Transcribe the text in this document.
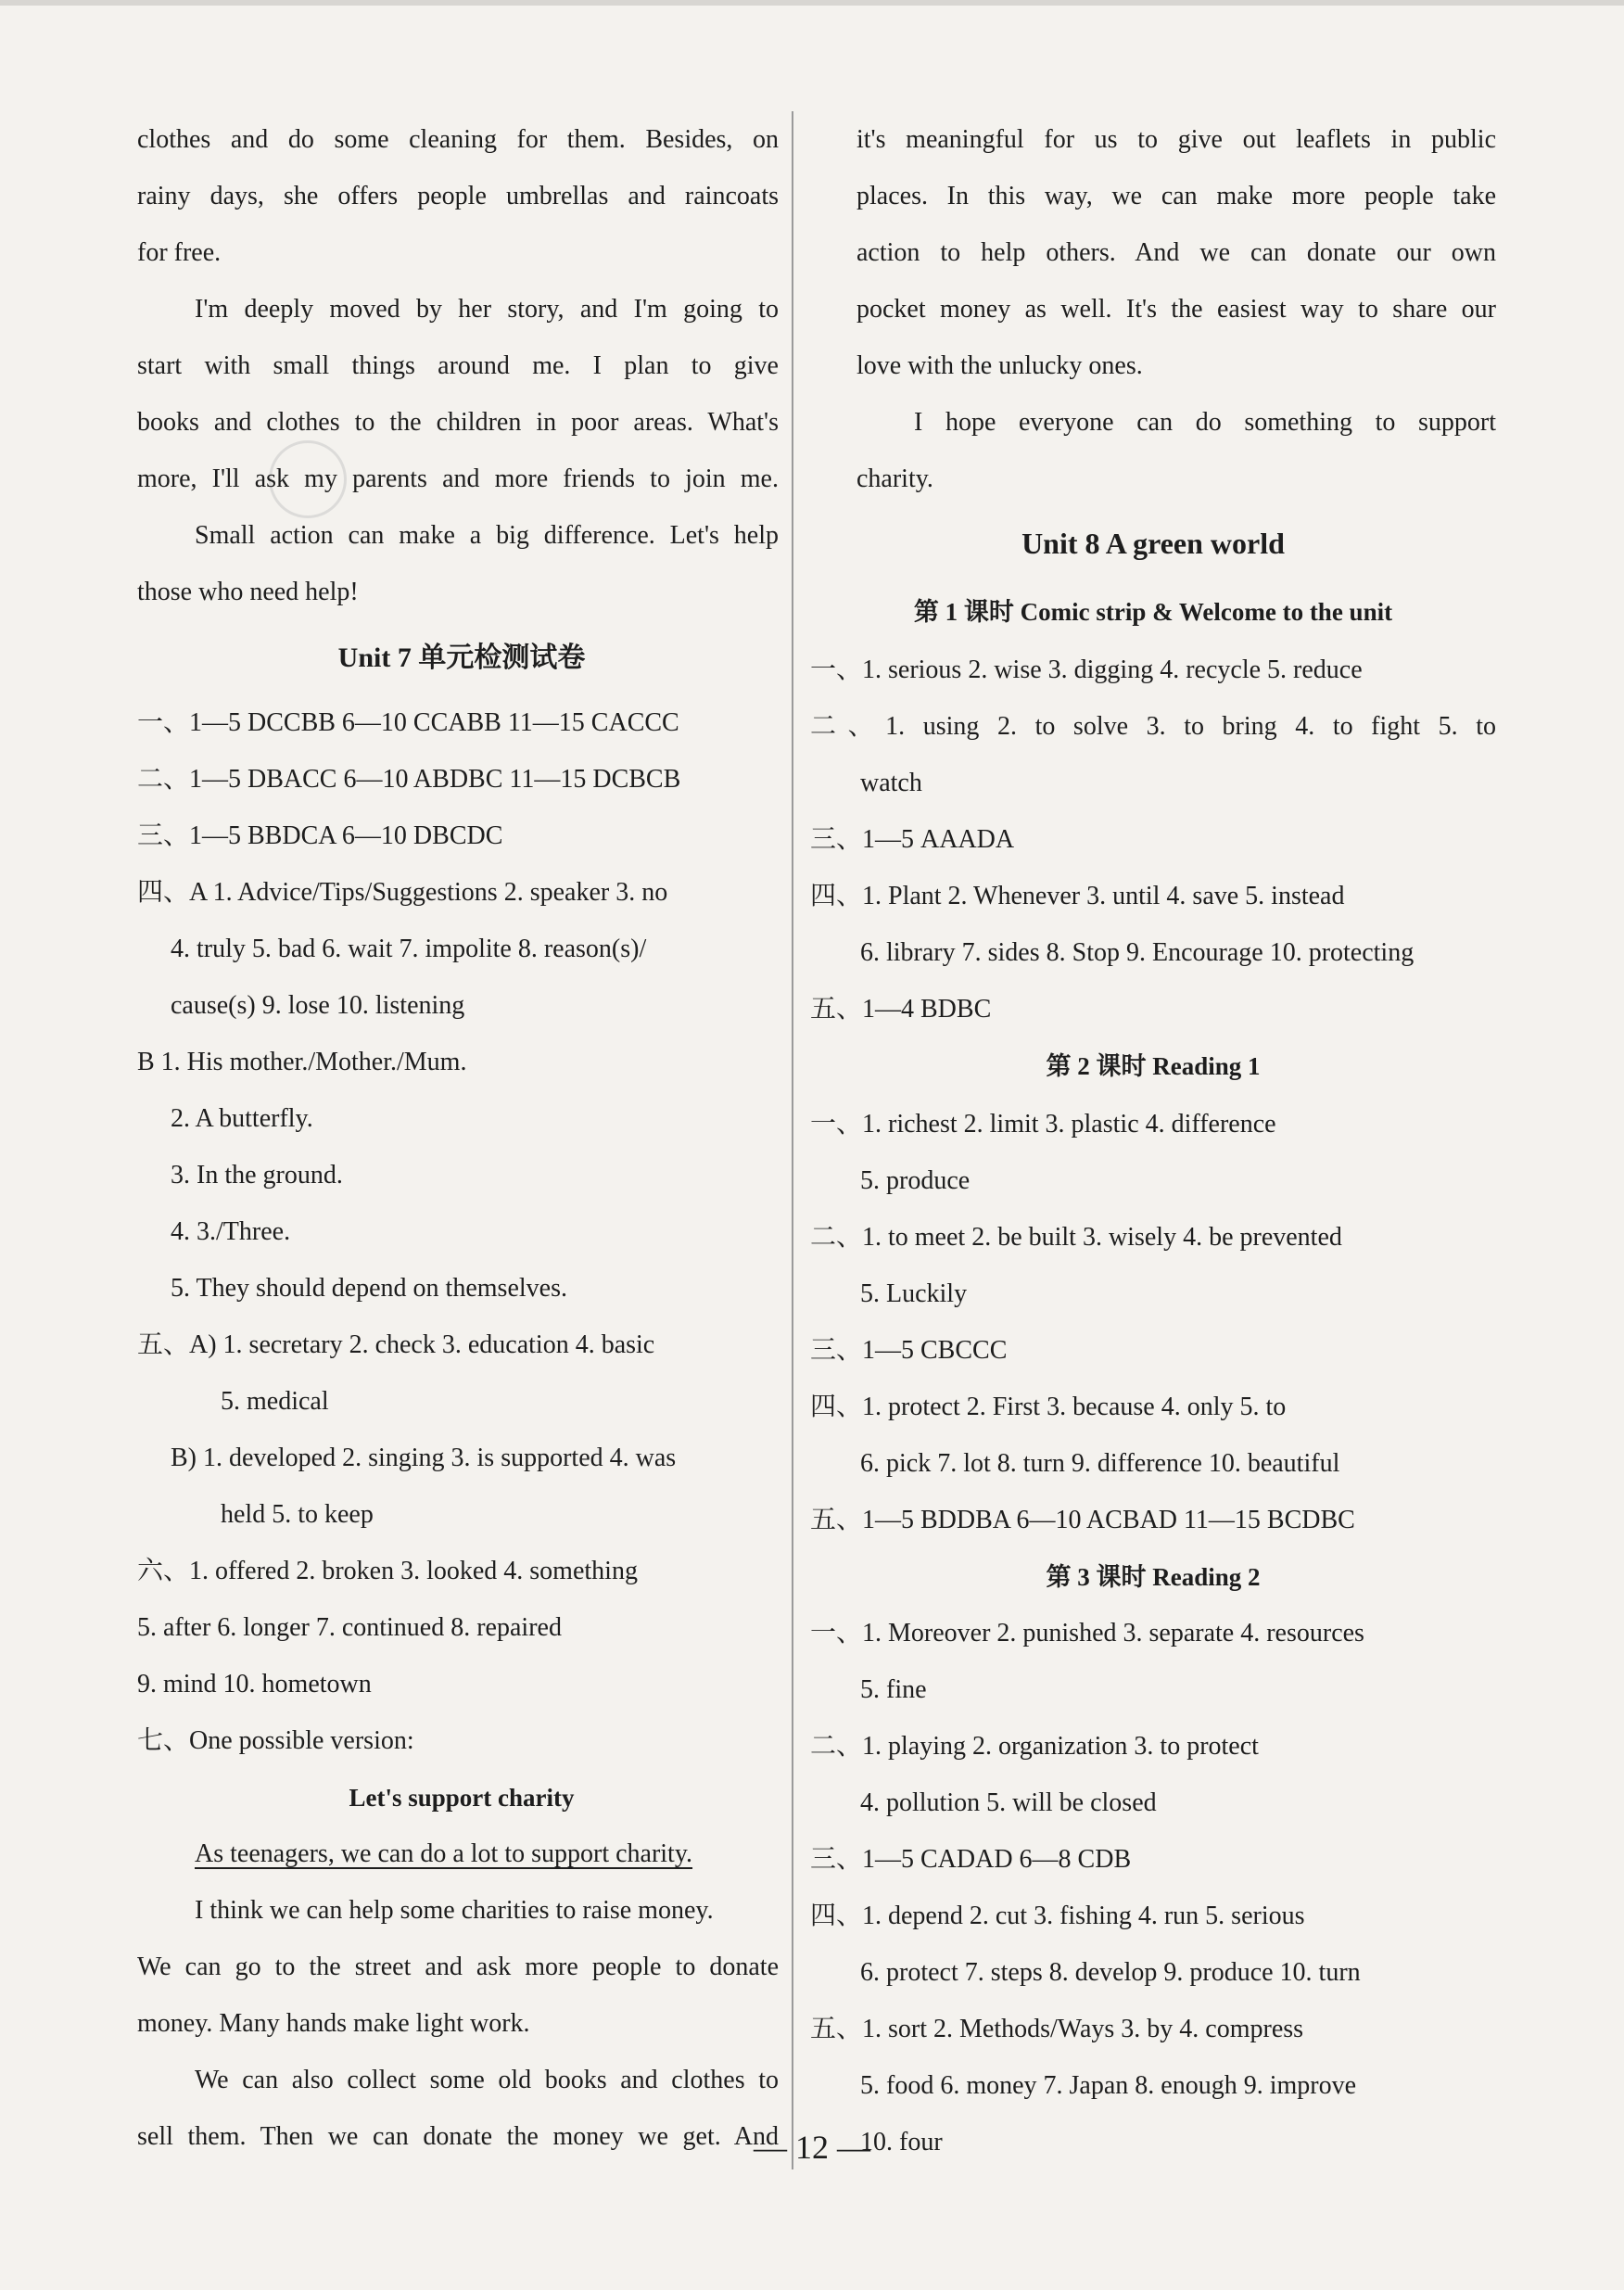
clothes and do some cleaning for them. Besides, on
rainy days, she offers people umbrellas and raincoats
for free.
I'm deeply moved by her story, and I'm going to
start with small things around me. I plan to give
books and clothes to the children in poor areas. What's
more, I'll ask my parents and more friends to join me.
Small action can make a big difference. Let's help
those who need help!
Unit 7 单元检测试卷
一、1—5 DCCBB 6—10 CCABB 11—15 CACCC
二、1—5 DBACC 6—10 ABDBC 11—15 DCBCB
三、1—5 BBDCA 6—10 DBCDC
四、A 1. Advice/Tips/Suggestions 2. speaker 3. no
4. truly 5. bad 6. wait 7. impolite 8. reason(s)/
cause(s) 9. lose 10. listening
B 1. His mother./Mother./Mum.
2. A butterfly.
3. In the ground.
4. 3./Three.
5. They should depend on themselves.
五、A) 1. secretary 2. check 3. education 4. basic
5. medical
B) 1. developed 2. singing 3. is supported 4. was
held 5. to keep
六、1. offered 2. broken 3. looked 4. something
5. after 6. longer 7. continued 8. repaired
9. mind 10. hometown
七、One possible version:
Let's support charity
As teenagers, we can do a lot to support charity.
I think we can help some charities to raise money.
We can go to the street and ask more people to donate
money. Many hands make light work.
We can also collect some old books and clothes to
sell them. Then we can donate the money we get. And
it's meaningful for us to give out leaflets in public
places. In this way, we can make more people take
action to help others. And we can donate our own
pocket money as well. It's the easiest way to share our
love with the unlucky ones.
I hope everyone can do something to support
charity.
Unit 8 A green world
第 1 课时 Comic strip & Welcome to the unit
一、1. serious 2. wise 3. digging 4. recycle 5. reduce
二、1. using 2. to solve 3. to bring 4. to fight 5. to
watch
三、1—5 AAADA
四、1. Plant 2. Whenever 3. until 4. save 5. instead
6. library 7. sides 8. Stop 9. Encourage 10. protecting
五、1—4 BDBC
第 2 课时 Reading 1
一、1. richest 2. limit 3. plastic 4. difference
5. produce
二、1. to meet 2. be built 3. wisely 4. be prevented
5. Luckily
三、1—5 CBCCC
四、1. protect 2. First 3. because 4. only 5. to
6. pick 7. lot 8. turn 9. difference 10. beautiful
五、1—5 BDDBA 6—10 ACBAD 11—15 BCDBC
第 3 课时 Reading 2
一、1. Moreover 2. punished 3. separate 4. resources
5. fine
二、1. playing 2. organization 3. to protect
4. pollution 5. will be closed
三、1—5 CADAD 6—8 CDB
四、1. depend 2. cut 3. fishing 4. run 5. serious
6. protect 7. steps 8. develop 9. produce 10. turn
五、1. sort 2. Methods/Ways 3. by 4. compress
5. food 6. money 7. Japan 8. enough 9. improve
10. four
— 12 —
